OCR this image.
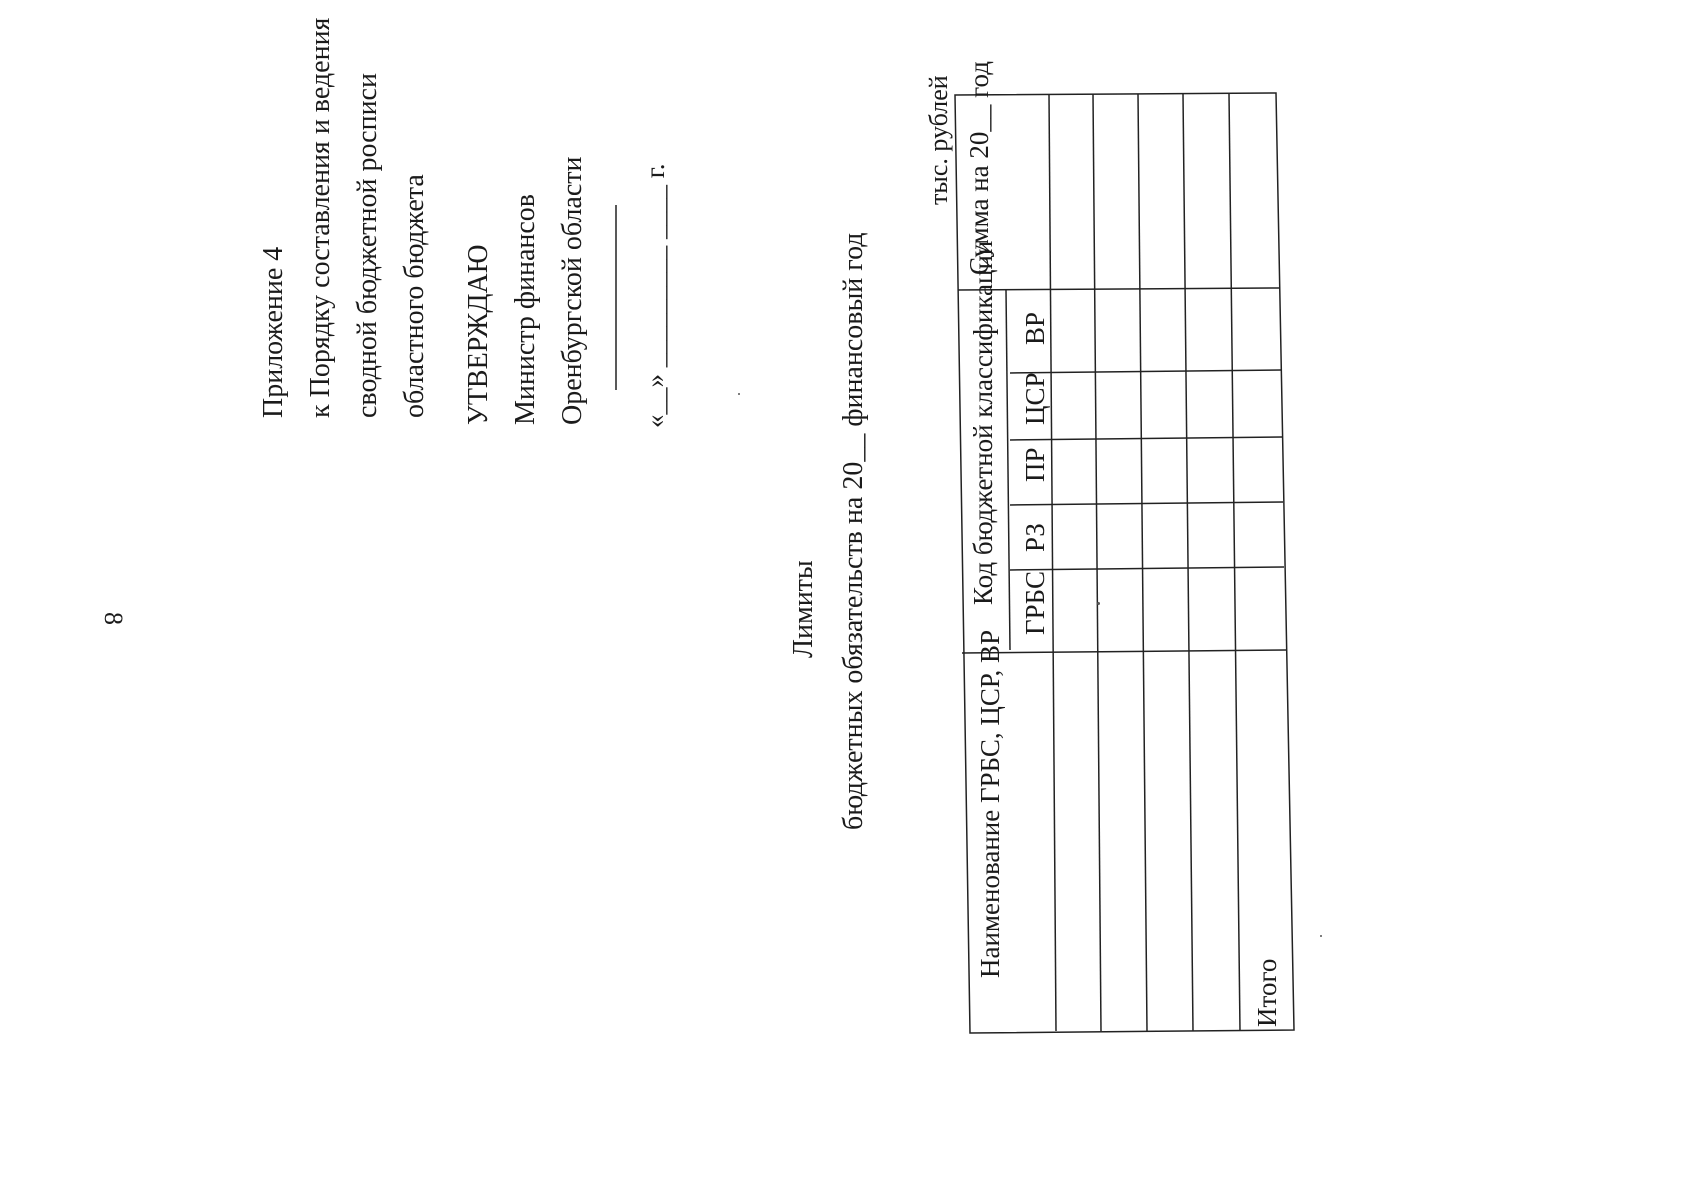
8
Приложение 4 к Порядку составления и ведения сводной бюджетной росписи областного бюджета УТВЕРЖДАЮ Министр финансов Оренбургской области «__» _________ ____ г.
Лимиты бюджетных обязательств на 20__ финансовый год
тыс. рублей
Наименование ГРБС, ЦСР, ВР
Код бюджетной классификации ГРБС
РЗ
ПР
ЦСР
ВР
Сумма на 20__ год
Итого
